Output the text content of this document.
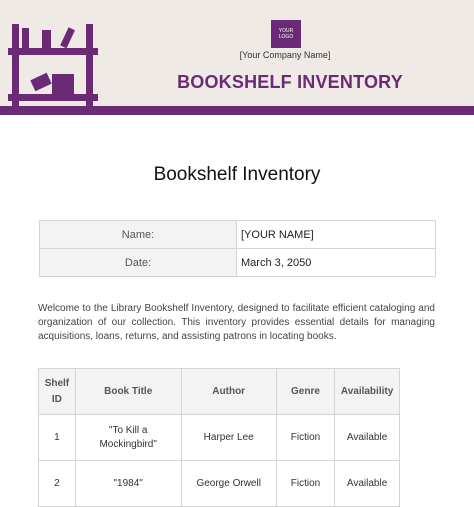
YOUR LOGO
[Your Company Name]
BOOKSHELF INVENTORY
Bookshelf Inventory
Name:	[YOUR NAME]
Date:	March 3, 2050
Welcome to the Library Bookshelf Inventory, designed to facilitate efficient cataloging and organization of our collection. This inventory provides essential details for managing acquisitions, loans, returns, and assisting patrons in locating books.
Shelf ID	Book Title	Author	Genre	Availability
1	"To Kill a Mockingbird"	Harper Lee	Fiction	Available
2	"1984"	George Orwell	Fiction	Available
